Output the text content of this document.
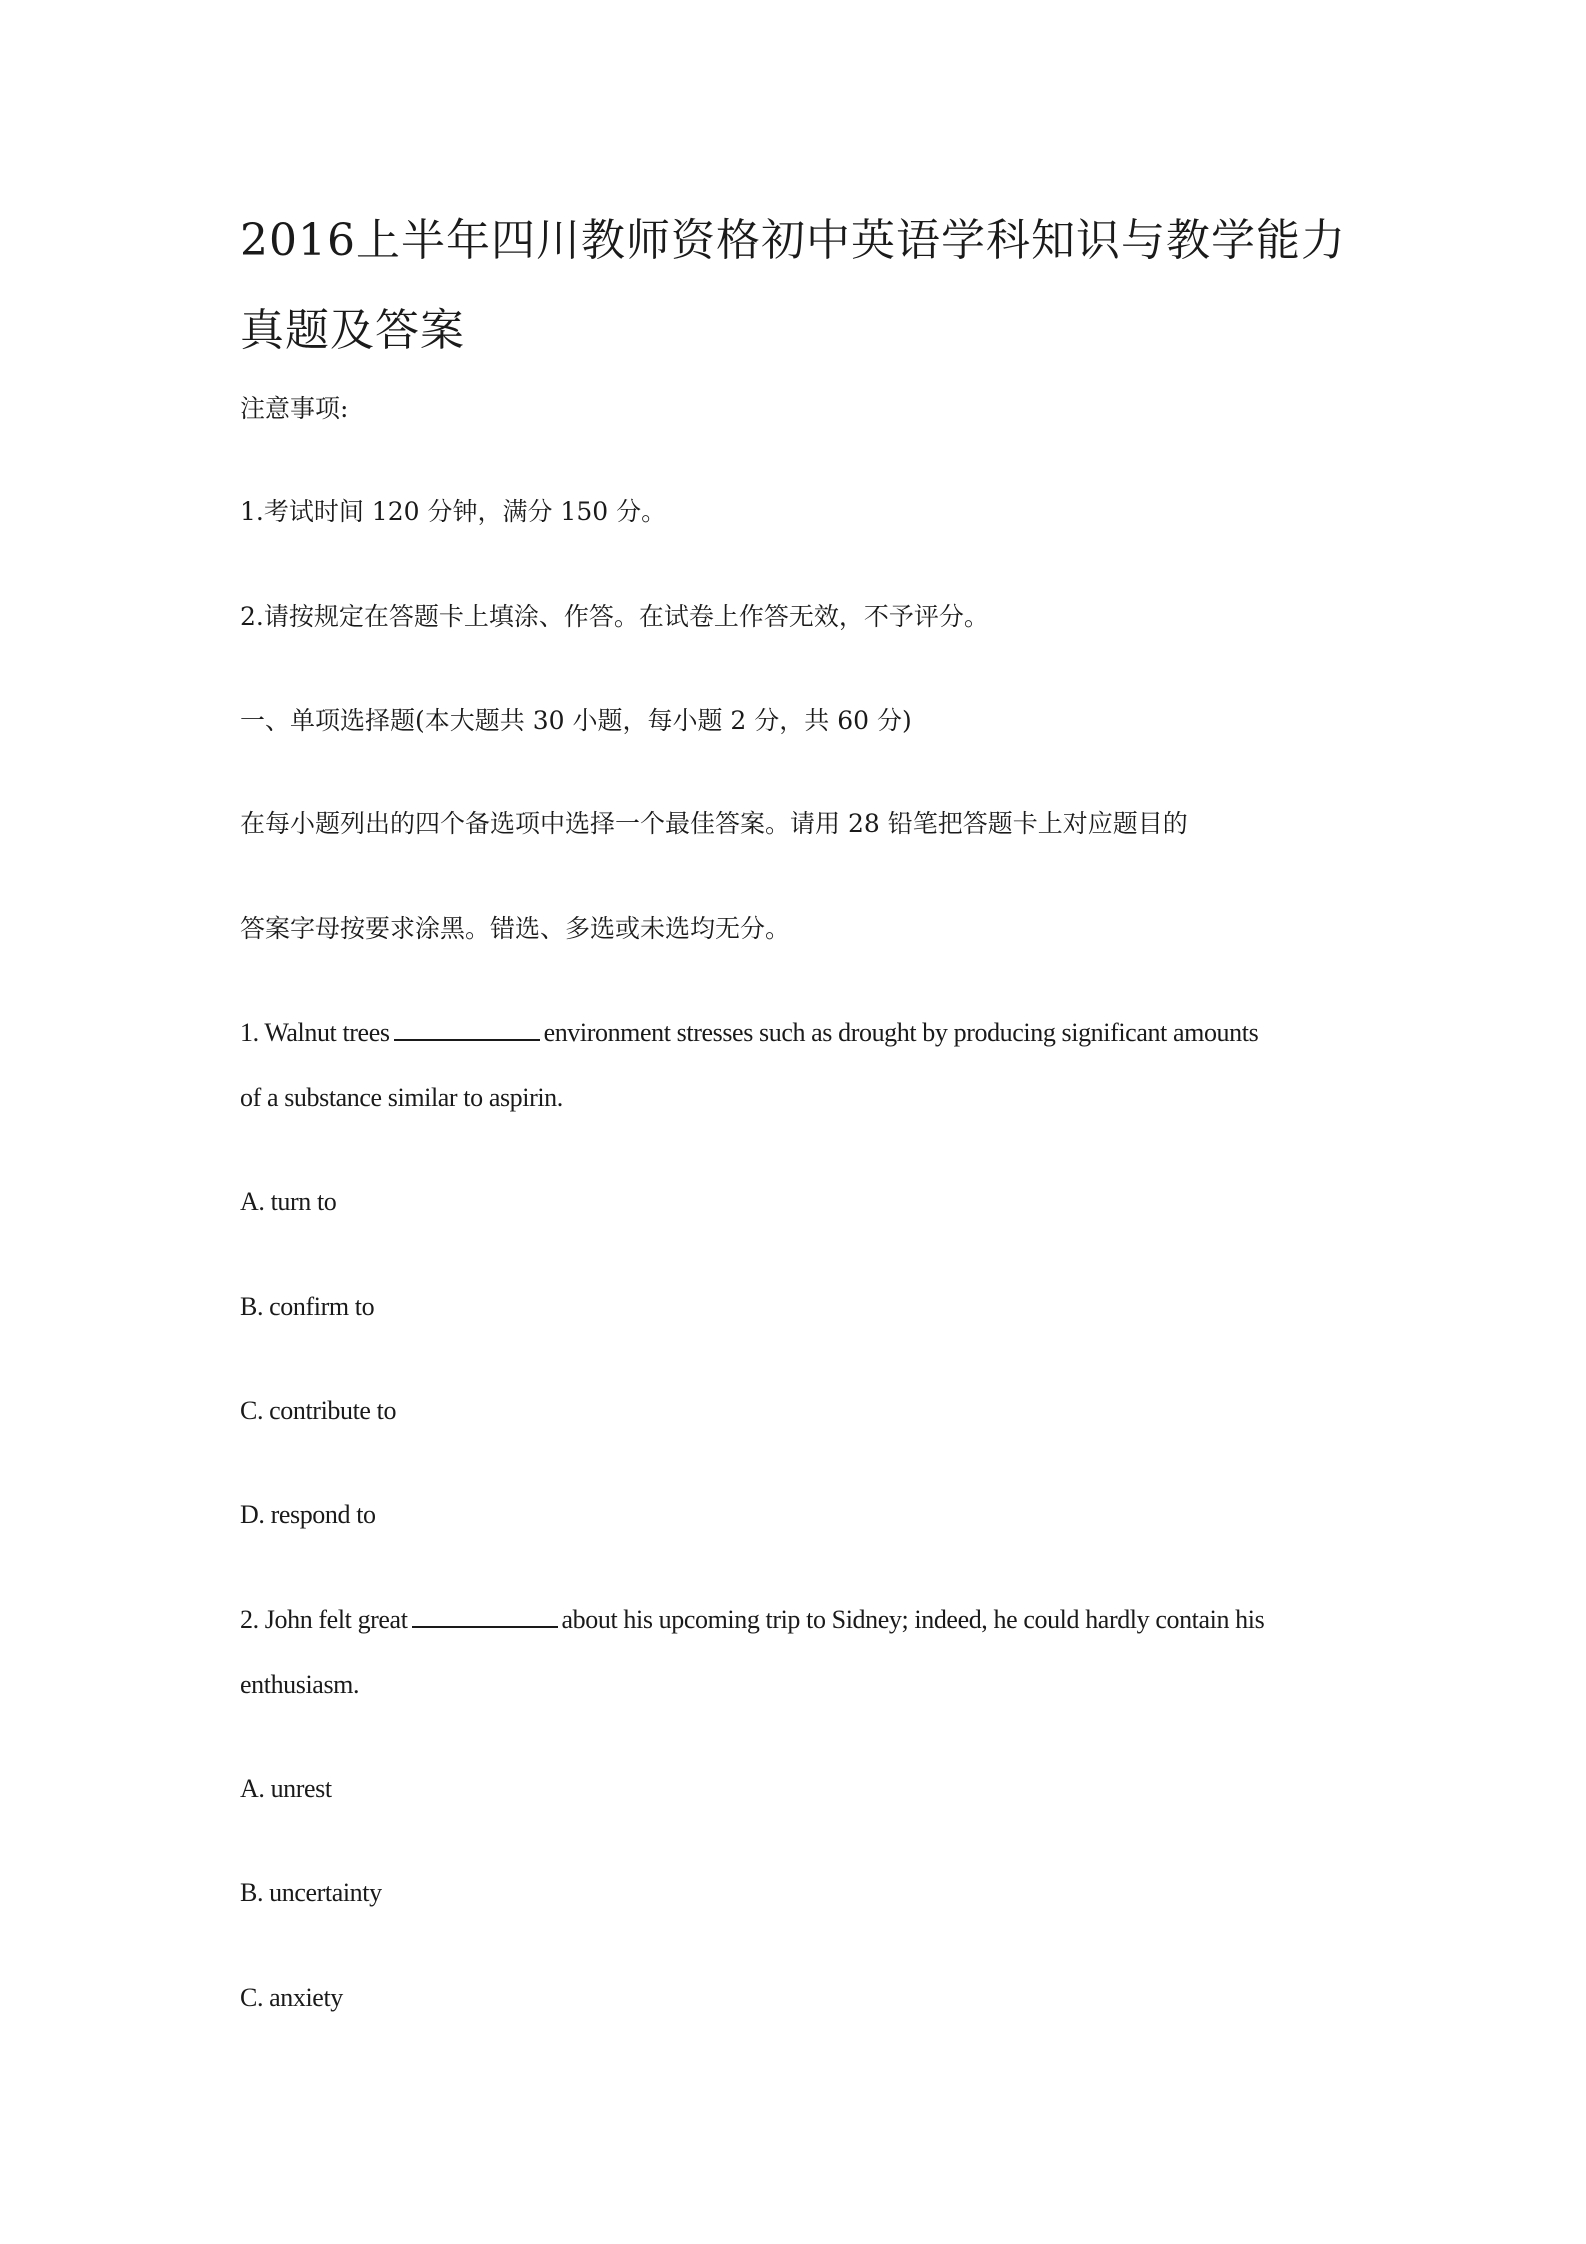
2016上半年四川教师资格初中英语学科知识与教学能力真题及答案

注意事项:

1.考试时间 120 分钟，满分 150 分。

2.请按规定在答题卡上填涂、作答。在试卷上作答无效，不予评分。

一、单项选择题(本大题共 30 小题，每小题 2 分，共 60 分)

在每小题列出的四个备选项中选择一个最佳答案。请用 28 铅笔把答题卡上对应题目的

答案字母按要求涂黑。错选、多选或未选均无分。

1. Walnut trees	environment stresses such as drought by producing significant amounts

of a substance similar to aspirin.

A. turn to

B. confirm to

C. contribute to

D. respond to

2. John felt great	about his upcoming trip to Sidney; indeed, he could hardly contain his

enthusiasm.

A. unrest

B. uncertainty

C. anxiety
